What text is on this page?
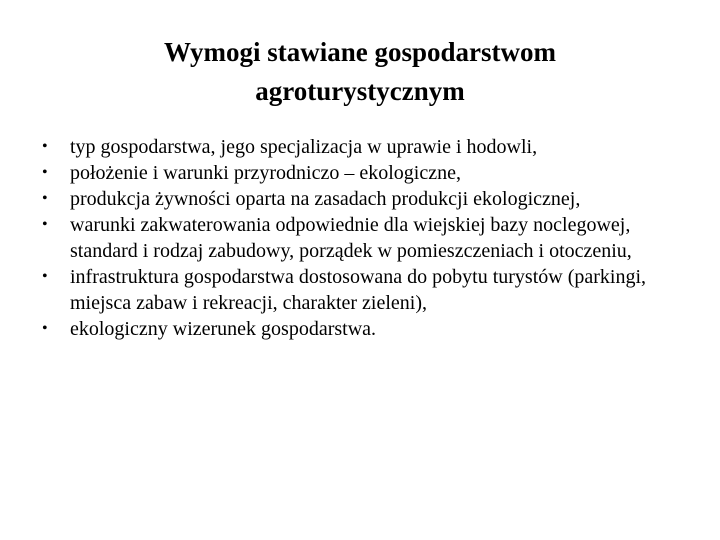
Wymogi stawiane gospodarstwom
agroturystycznym
• typ gospodarstwa, jego specjalizacja w uprawie i hodowli,
• położenie i warunki przyrodniczo – ekologiczne,
• produkcja żywności oparta na zasadach produkcji ekologicznej,
• warunki zakwaterowania odpowiednie dla wiejskiej bazy noclegowej, standard i rodzaj zabudowy, porządek w pomieszczeniach i otoczeniu,
• infrastruktura gospodarstwa dostosowana do pobytu turystów (parkingi, miejsca zabaw i rekreacji, charakter zieleni),
• ekologiczny wizerunek gospodarstwa.
